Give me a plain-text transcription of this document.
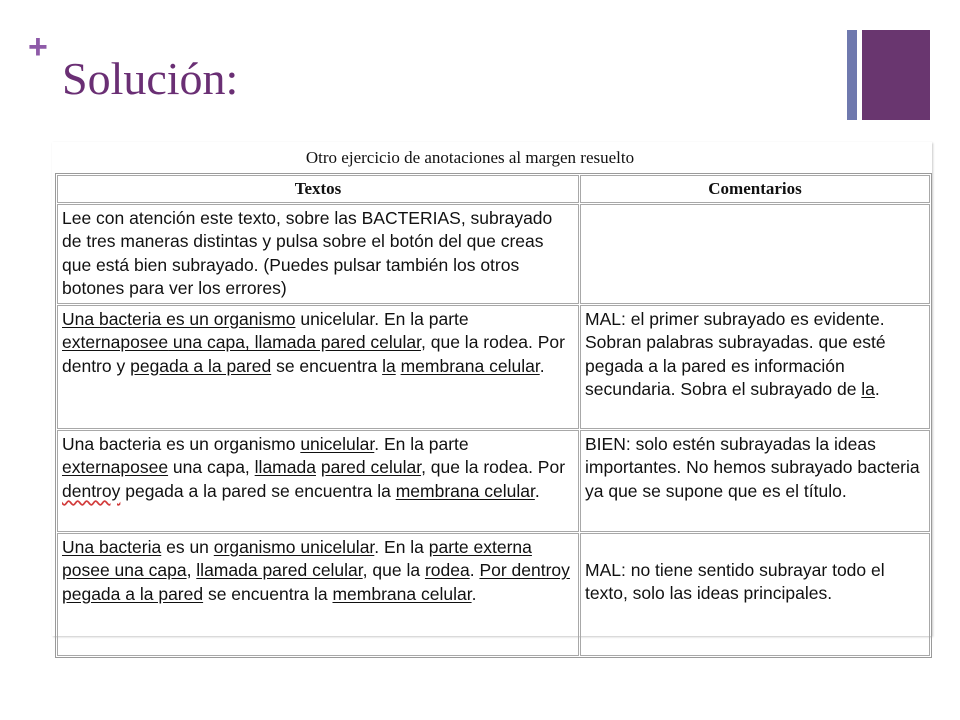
+
Solución:
Otro ejercicio de anotaciones al margen resuelto
Textos	Comentarios
Lee con atención este texto, sobre las BACTERIAS, subrayado de tres maneras distintas y pulsa sobre el botón del que creas que está bien subrayado. (Puedes pulsar también los otros botones para ver los errores)	
Una bacteria es un organismo unicelular. En la parte externaposee una capa, llamada pared celular, que la rodea. Por dentro y pegada a la pared se encuentra la membrana celular.	MAL: el primer subrayado es evidente. Sobran palabras subrayadas. que esté pegada a la pared es información secundaria. Sobra el subrayado de la.
Una bacteria es un organismo unicelular. En la parte externaposee una capa, llamada pared celular, que la rodea. Por dentroy pegada a la pared se encuentra la membrana celular.	BIEN: solo estén subrayadas la ideas importantes. No hemos subrayado bacteria ya que se supone que es el título.
Una bacteria es un organismo unicelular. En la parte externa posee una capa, llamada pared celular, que la rodea. Por dentroy pegada a la pared se encuentra la membrana celular.	MAL: no tiene sentido subrayar todo el texto, solo las ideas principales.
